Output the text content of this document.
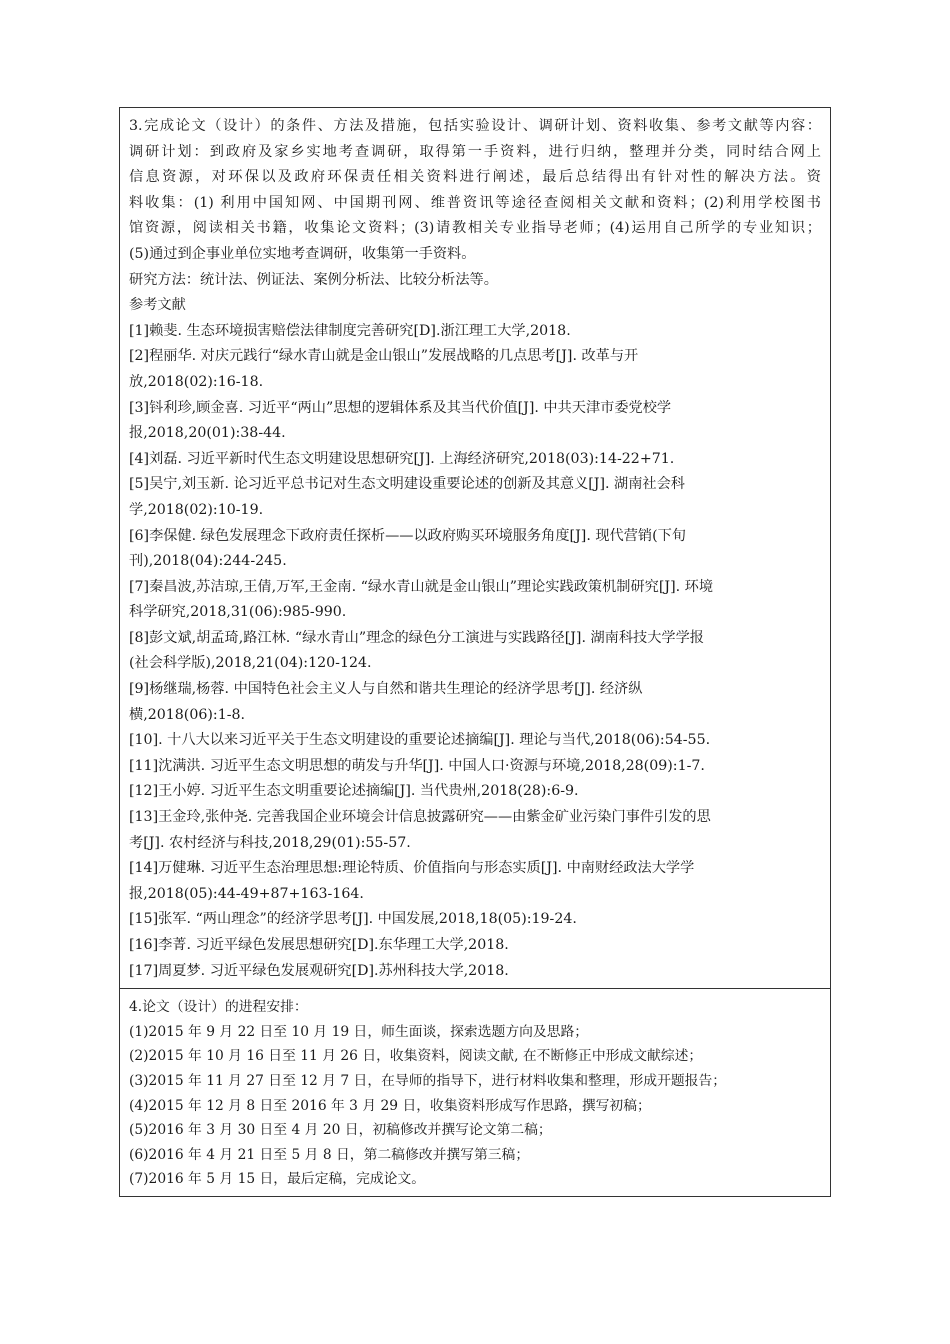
3.完成论文（设计）的条件、方法及措施，包括实验设计、调研计划、资料收集、参考文献等内容：
调研计划：到政府及家乡实地考查调研，取得第一手资料，进行归纳，整理并分类，同时结合网上
信息资源，对环保以及政府环保责任相关资料进行阐述，最后总结得出有针对性的解决方法。资
料收集：(1) 利用中国知网、中国期刊网、维普资讯等途径查阅相关文献和资料；(2)利用学校图书
馆资源，阅读相关书籍，收集论文资料；(3)请教相关专业指导老师；(4)运用自己所学的专业知识；
(5)通过到企事业单位实地考查调研，收集第一手资料。
研究方法：统计法、例证法、案例分析法、比较分析法等。
参考文献
[1]赖斐. 生态环境损害赔偿法律制度完善研究[D].浙江理工大学,2018.
[2]程丽华. 对庆元践行“绿水青山就是金山银山”发展战略的几点思考[J]. 改革与开
放,2018(02):16-18.
[3]钭利珍,顾金喜. 习近平“两山”思想的逻辑体系及其当代价值[J]. 中共天津市委党校学
报,2018,20(01):38-44.
[4]刘磊. 习近平新时代生态文明建设思想研究[J]. 上海经济研究,2018(03):14-22+71.
[5]吴宁,刘玉新. 论习近平总书记对生态文明建设重要论述的创新及其意义[J]. 湖南社会科
学,2018(02):10-19.
[6]李保健. 绿色发展理念下政府责任探析——以政府购买环境服务角度[J]. 现代营销(下旬
刊),2018(04):244-245.
[7]秦昌波,苏洁琼,王倩,万军,王金南. “绿水青山就是金山银山”理论实践政策机制研究[J]. 环境
科学研究,2018,31(06):985-990.
[8]彭文斌,胡孟琦,路江林. “绿水青山”理念的绿色分工演进与实践路径[J]. 湖南科技大学学报
(社会科学版),2018,21(04):120-124.
[9]杨继瑞,杨蓉. 中国特色社会主义人与自然和谐共生理论的经济学思考[J]. 经济纵
横,2018(06):1-8.
[10]. 十八大以来习近平关于生态文明建设的重要论述摘编[J]. 理论与当代,2018(06):54-55.
[11]沈满洪. 习近平生态文明思想的萌发与升华[J]. 中国人口·资源与环境,2018,28(09):1-7.
[12]王小婷. 习近平生态文明重要论述摘编[J]. 当代贵州,2018(28):6-9.
[13]王金玲,张仲尧. 完善我国企业环境会计信息披露研究——由紫金矿业污染门事件引发的思
考[J]. 农村经济与科技,2018,29(01):55-57.
[14]万健琳. 习近平生态治理思想:理论特质、价值指向与形态实质[J]. 中南财经政法大学学
报,2018(05):44-49+87+163-164.
[15]张军. “两山理念”的经济学思考[J]. 中国发展,2018,18(05):19-24.
[16]李菁. 习近平绿色发展思想研究[D].东华理工大学,2018.
[17]周夏梦. 习近平绿色发展观研究[D].苏州科技大学,2018.
4.论文（设计）的进程安排：
(1)2015 年 9 月 22 日至 10 月 19 日，师生面谈，探索选题方向及思路；
(2)2015 年 10 月 16 日至 11 月 26 日，收集资料，阅读文献, 在不断修正中形成文献综述；
(3)2015 年 11 月 27 日至 12 月 7 日，在导师的指导下，进行材料收集和整理，形成开题报告；
(4)2015 年 12 月 8 日至 2016 年 3 月 29 日，收集资料形成写作思路，撰写初稿；
(5)2016 年 3 月 30 日至 4 月 20 日，初稿修改并撰写论文第二稿；
(6)2016 年 4 月 21 日至 5 月 8 日，第二稿修改并撰写第三稿；
(7)2016 年 5 月 15 日，最后定稿，完成论文。
